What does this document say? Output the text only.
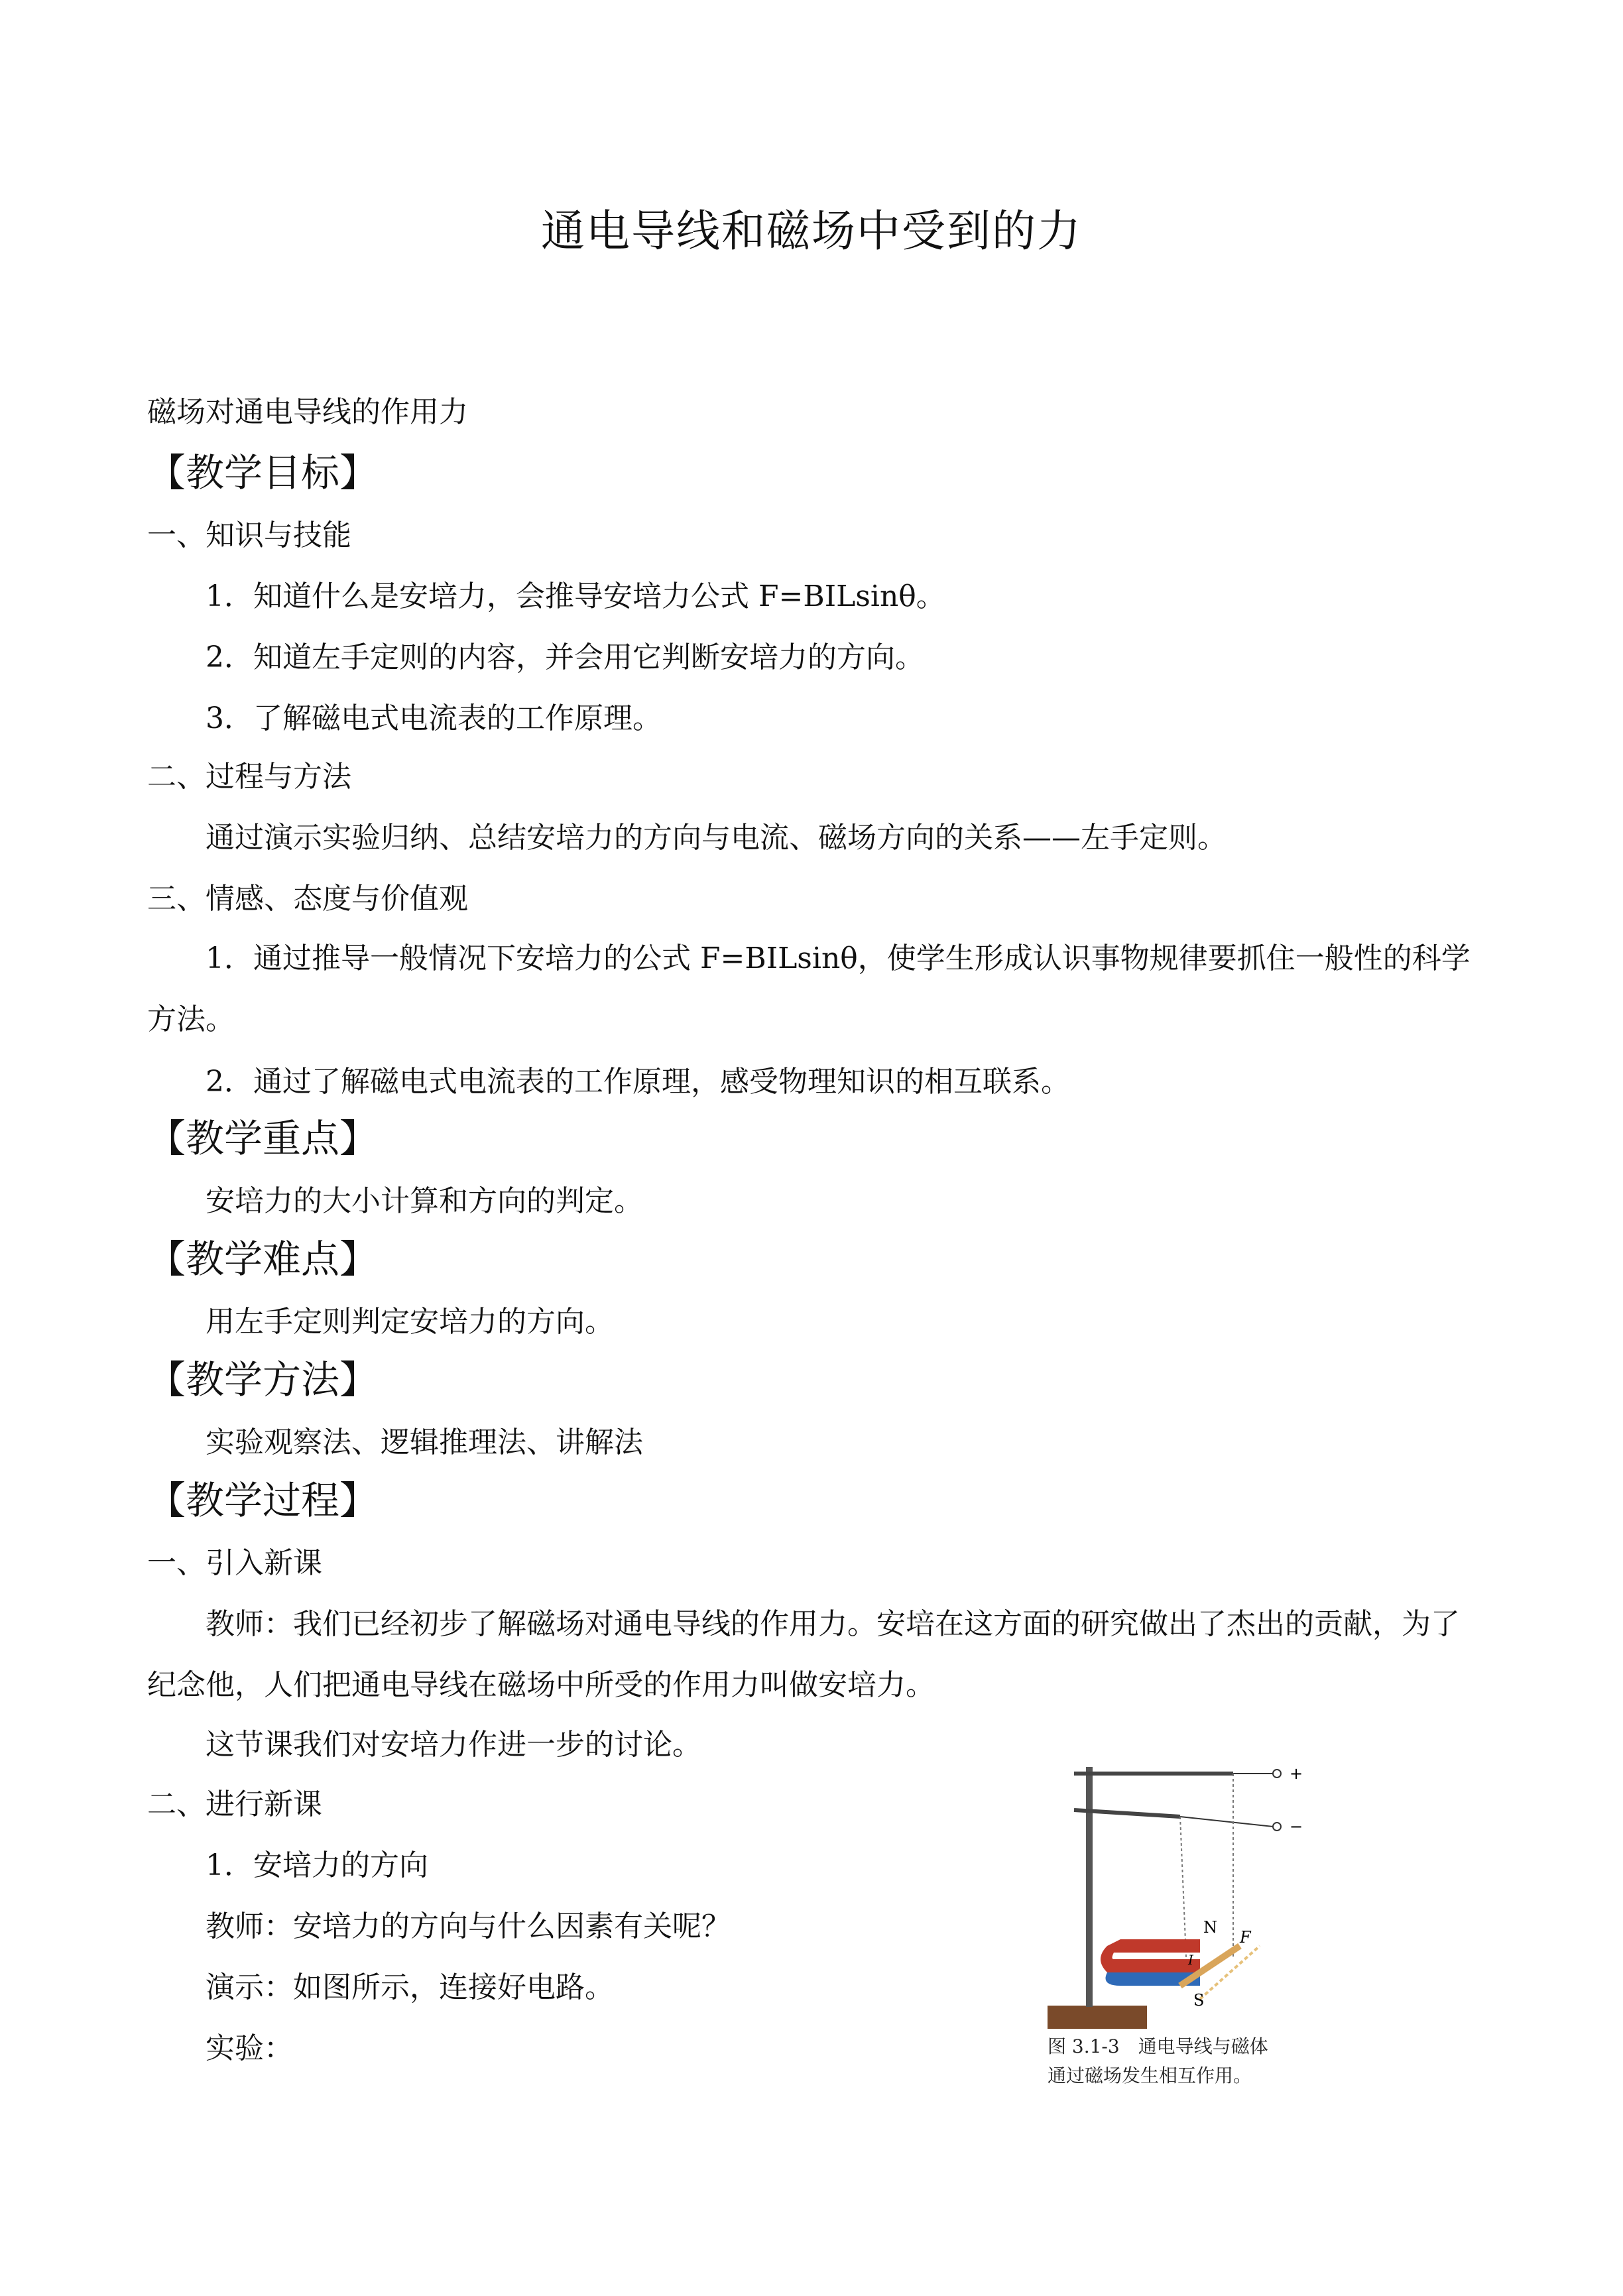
通电导线和磁场中受到的力
磁场对通电导线的作用力
【教学目标】
一、知识与技能
1．知道什么是安培力，会推导安培力公式 F=BILsinθ。
2．知道左手定则的内容，并会用它判断安培力的方向。
3．了解磁电式电流表的工作原理。
二、过程与方法
通过演示实验归纳、总结安培力的方向与电流、磁场方向的关系——左手定则。
三、情感、态度与价值观
1．通过推导一般情况下安培力的公式 F=BILsinθ，使学生形成认识事物规律要抓住一般性的科学方法。
2．通过了解磁电式电流表的工作原理，感受物理知识的相互联系。
【教学重点】
安培力的大小计算和方向的判定。
【教学难点】
用左手定则判定安培力的方向。
【教学方法】
实验观察法、逻辑推理法、讲解法
【教学过程】
一、引入新课
教师：我们已经初步了解磁场对通电导线的作用力。安培在这方面的研究做出了杰出的贡献，为了纪念他，人们把通电导线在磁场中所受的作用力叫做安培力。
这节课我们对安培力作进一步的讨论。
二、进行新课
1．安培力的方向
教师：安培力的方向与什么因素有关呢？
演示：如图所示，连接好电路。
实验：
+
−
N
S
F
I
图 3.1-3　通电导线与磁体
通过磁场发生相互作用。
